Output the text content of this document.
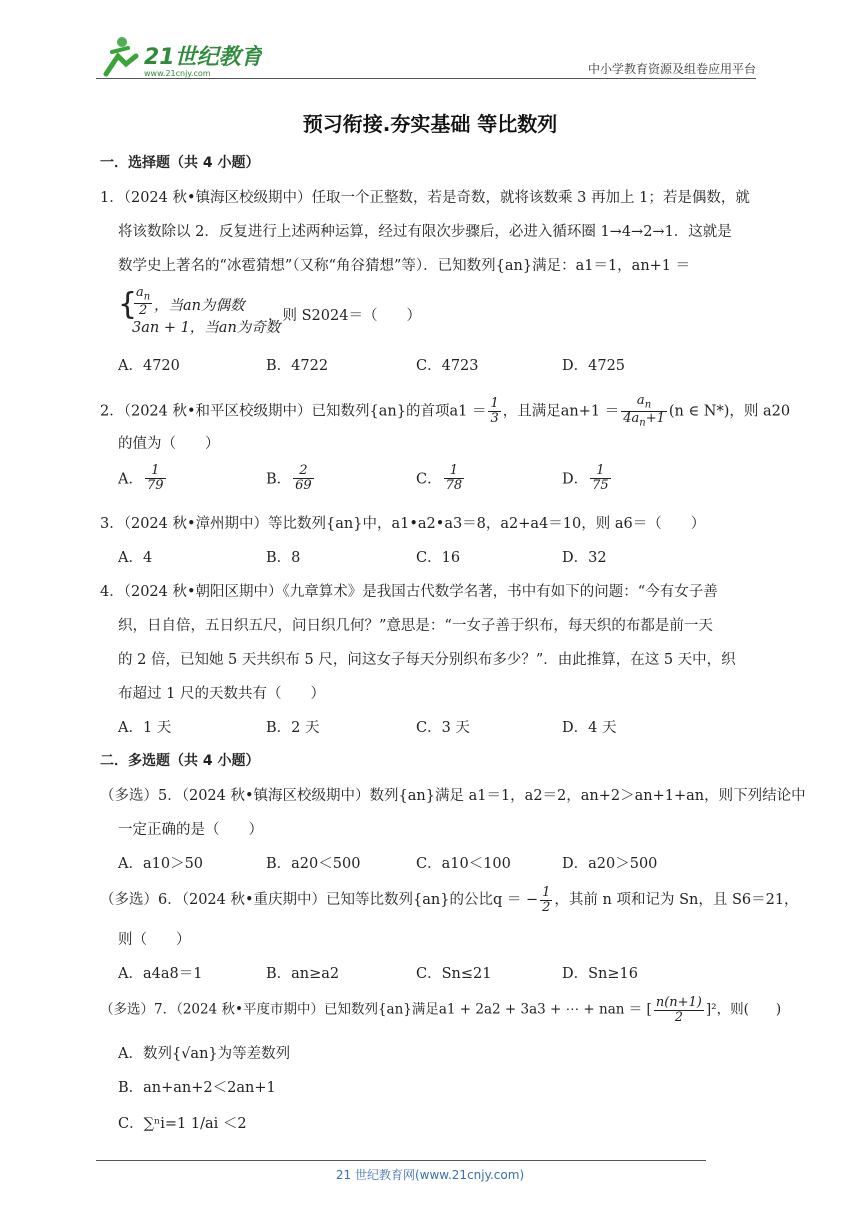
21世纪教育
www.21cnjy.com	中小学教育资源及组卷应用平台
预习衔接.夯实基础 等比数列
一．选择题（共 4 小题）
1．（2024 秋•镇海区校级期中）任取一个正整数，若是奇数，就将该数乘 3 再加上 1；若是偶数，就
将该数除以 2．反复进行上述两种运算，经过有限次步骤后，必进入循环圈 1→4→2→1．这就是
数学史上著名的“冰雹猜想”（又称“角谷猜想”等）．已知数列{an}满足：a1＝1，an+1 ＝
{
$\frac{a_n}{2}$ ，当an为偶数
3an + 1，当an为奇数
，则 S2024＝（　　）
A．4720	B．4722	C．4723	D．4725
2．（2024 秋•和平区校级期中）已知数列{an}的首项$a1 = \frac{1}{3}$ ，且满足$an+1 = \frac{a_n}{4a_n+1} (n$ ∈ N*)，则 a20
的值为（　　）
A． $\frac{1}{79}$	B． $\frac{2}{69}$	C． $\frac{1}{78}$	D． $\frac{1}{75}$
3．（2024 秋•漳州期中）等比数列{an}中，a1•a2•a3＝8，a2+a4＝10，则 a6＝（　　）
A．4	B．8	C．16	D．32
4．（2024 秋•朝阳区期中）《九章算术》是我国古代数学名著，书中有如下的问题：“今有女子善
织，日自倍，五日织五尺，问日织几何？”意思是：“一女子善于织布，每天织的布都是前一天
的 2 倍，已知她 5 天共织布 5 尺，问这女子每天分别织布多少？”．由此推算，在这 5 天中，织
布超过 1 尺的天数共有（　　）
A．1 天	B．2 天	C．3 天	D．4 天
二．多选题（共 4 小题）
（多选）5．（2024 秋•镇海区校级期中）数列{an}满足 a1＝1，a2＝2，an+2＞an+1+an，则下列结论中
一定正确的是（　　）
A．a10＞50	B．a20＜500	C．a10＜100	D．a20＞500
（多选）6．（2024 秋•重庆期中）已知等比数列{an}的公比q ＝ − $\frac{1}{2}$ ，其前 n 项和记为 Sn，且 S6＝21，
则（　　）
A．a4a8＝1	B．an≥a2	C．Sn≤21	D．Sn≥16
（多选）7．（2024 秋•平度市期中）已知数列{an}满足a1 + 2a2 + 3a3 + ⋯ + nan ＝ [ $\frac{n(n+1)}{2} ]^2$，则(　　)
A．数列{√an}为等差数列
B．an+an+2＜2an+1
C．∑ⁿi=1 1/ai ＜2
21 世纪教育网(www.21cnjy.com)
